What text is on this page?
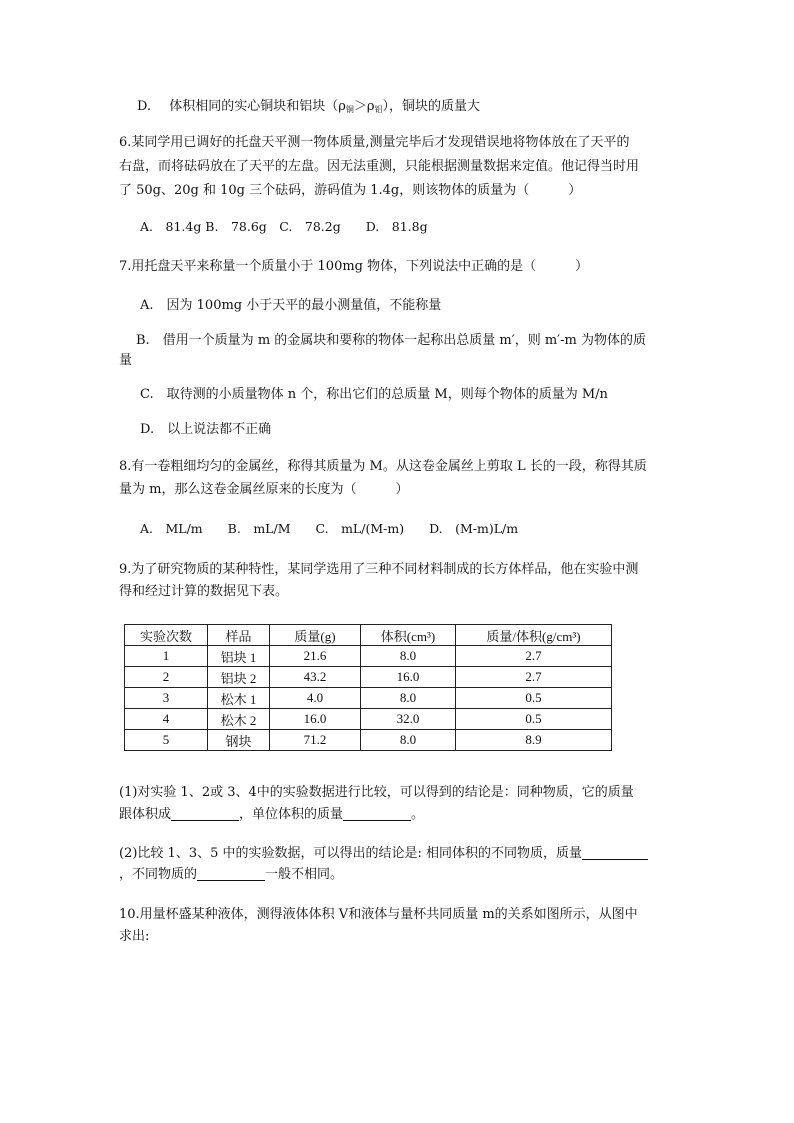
D. 体积相同的实心铜块和铝块$(\rho_铜>\rho_铝)$，铜块的质量大
6.某同学用已调好的托盘天平测一物体质量,测量完毕后才发现错误地将物体放在了天平的
右盘，而将砝码放在了天平的左盘。因无法重测，只能根据测量数据来定值。他记得当时用
了 50g、20g 和 10g 三个砝码，游码值为 1.4g，则该物体的质量为（　　　）
A.　81.4g B.　78.6g　C.　78.2g　　D.　81.8g
7.用托盘天平来称量一个质量小于 100mg 物体，下列说法中正确的是（　　　）
A.　因为 100mg 小于天平的最小测量值，不能称量
B.　借用一个质量为 m 的金属块和要称的物体一起称出总质量 m′，则 m′-m 为物体的质
量
C.　取待测的小质量物体 n 个，称出它们的总质量 M，则每个物体的质量为 M/n
D.　以上说法都不正确
8.有一卷粗细均匀的金属丝，称得其质量为 M。从这卷金属丝上剪取 L 长的一段，称得其质
量为 m，那么这卷金属丝原来的长度为（　　　）
A.　ML/m　　B.　mL/M　　C.　mL/(M-m)　　D.　(M-m)L/m
9.为了研究物质的某种特性，某同学选用了三种不同材料制成的长方体样品，他在实验中测
得和经过计算的数据见下表。
实验次数	样品	质量(g)	体积(cm³)	质量/体积(g/cm³)
1	铝块 1	21.6	8.0	2.7
2	铝块 2	43.2	16.0	2.7
3	松木 1	4.0	8.0	0.5
4	松木 2	16.0	32.0	0.5
5	钢块	71.2	8.0	8.9
(1)对实验 1、2或 3、4中的实验数据进行比较，可以得到的结论是：同种物质，它的质量
跟体积成	，单位体积的质量	。
(2)比较 1、3、5 中的实验数据，可以得出的结论是: 相同体积的不同物质，质量
，不同物质的	一般不相同。
10.用量杯盛某种液体，测得液体体积 V和液体与量杯共同质量 m的关系如图所示，从图中
求出:
